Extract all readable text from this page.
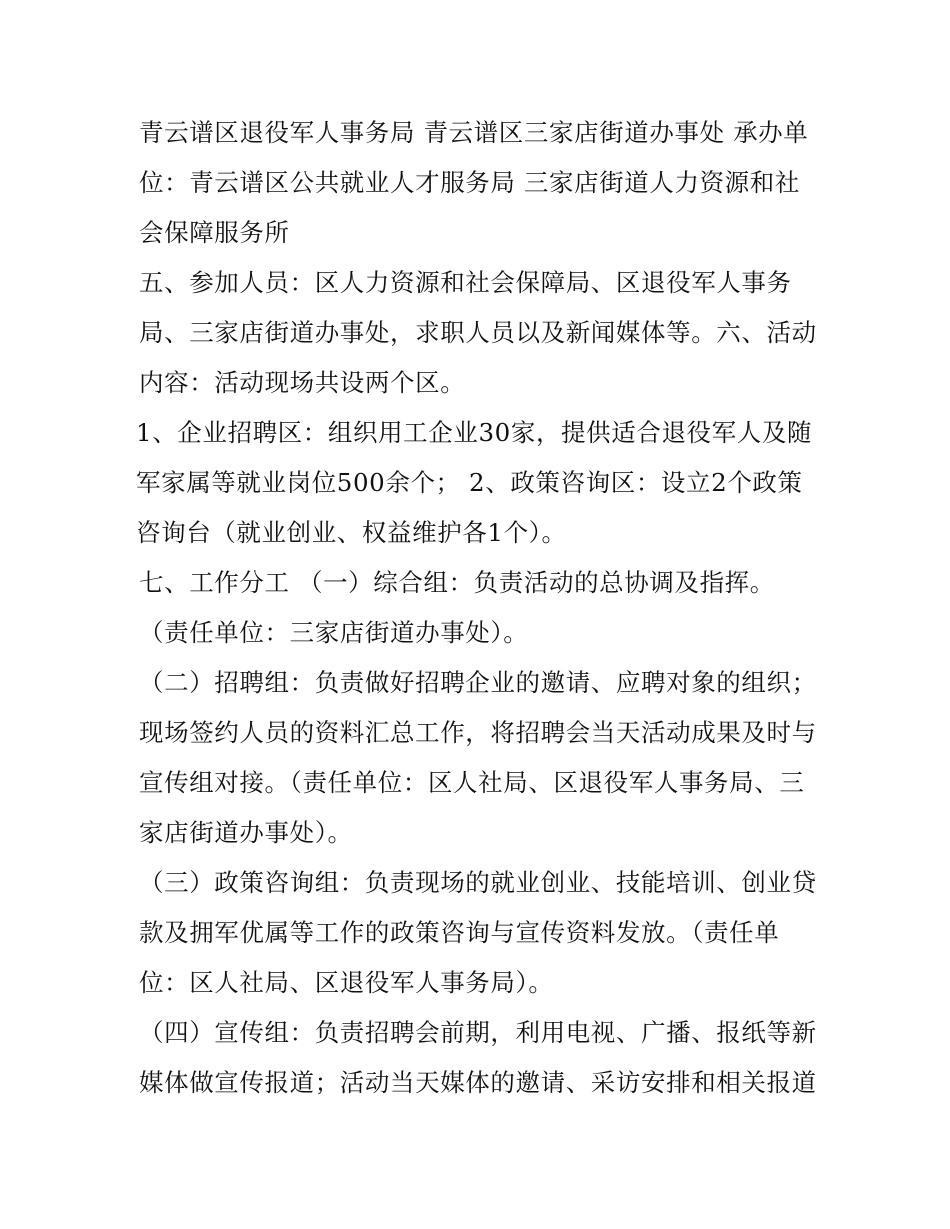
青云谱区退役军人事务局 青云谱区三家店街道办事处 承办单位：青云谱区公共就业人才服务局 三家店街道人力资源和社会保障服务所

五、参加人员：区人力资源和社会保障局、区退役军人事务局、三家店街道办事处，求职人员以及新闻媒体等。六、活动内容：活动现场共设两个区。

1、企业招聘区：组织用工企业30家，提供适合退役军人及随军家属等就业岗位500余个； 2、政策咨询区：设立2个政策咨询台（就业创业、权益维护各1个）。

七、工作分工 （一）综合组：负责活动的总协调及指挥。

（责任单位：三家店街道办事处）。

（二）招聘组：负责做好招聘企业的邀请、应聘对象的组织；现场签约人员的资料汇总工作，将招聘会当天活动成果及时与宣传组对接。（责任单位：区人社局、区退役军人事务局、三家店街道办事处）。

（三）政策咨询组：负责现场的就业创业、技能培训、创业贷款及拥军优属等工作的政策咨询与宣传资料发放。（责任单位：区人社局、区退役军人事务局）。

（四）宣传组：负责招聘会前期，利用电视、广播、报纸等新媒体做宣传报道；活动当天媒体的邀请、采访安排和相关报道
